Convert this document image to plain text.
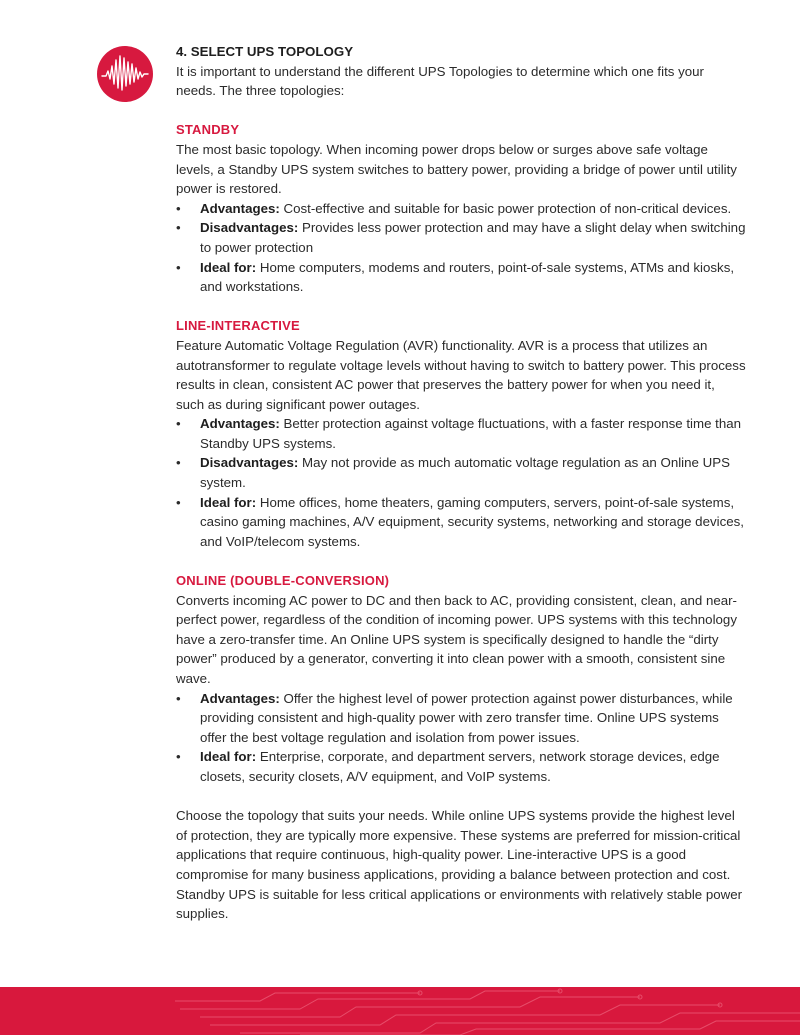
4. SELECT UPS TOPOLOGY

It is important to understand the different UPS Topologies to determine which one fits your needs. The three topologies:

STANDBY

The most basic topology. When incoming power drops below or surges above safe voltage levels, a Standby UPS system switches to battery power, providing a bridge of power until utility power is restored.

• Advantages: Cost-effective and suitable for basic power protection of non-critical devices.
• Disadvantages: Provides less power protection and may have a slight delay when switching to power protection
• Ideal for: Home computers, modems and routers, point-of-sale systems, ATMs and kiosks, and workstations.

LINE-INTERACTIVE

Feature Automatic Voltage Regulation (AVR) functionality. AVR is a process that utilizes an autotransformer to regulate voltage levels without having to switch to battery power. This process results in clean, consistent AC power that preserves the battery power for when you need it, such as during significant power outages.

• Advantages: Better protection against voltage fluctuations, with a faster response time than Standby UPS systems.
• Disadvantages: May not provide as much automatic voltage regulation as an Online UPS system.
• Ideal for: Home offices, home theaters, gaming computers, servers, point-of-sale systems, casino gaming machines, A/V equipment, security systems, networking and storage devices, and VoIP/telecom systems.

ONLINE (DOUBLE-CONVERSION)

Converts incoming AC power to DC and then back to AC, providing consistent, clean, and near-perfect power, regardless of the condition of incoming power. UPS systems with this technology have a zero-transfer time. An Online UPS system is specifically designed to handle the “dirty power” produced by a generator, converting it into clean power with a smooth, consistent sine wave.

• Advantages: Offer the highest level of power protection against power disturbances, while providing consistent and high-quality power with zero transfer time. Online UPS systems offer the best voltage regulation and isolation from power issues.
• Ideal for: Enterprise, corporate, and department servers, network storage devices, edge closets, security closets, A/V equipment, and VoIP systems.

Choose the topology that suits your needs. While online UPS systems provide the highest level of protection, they are typically more expensive. These systems are preferred for mission-critical applications that require continuous, high-quality power. Line-interactive UPS is a good compromise for many business applications, providing a balance between protection and cost. Standby UPS is suitable for less critical applications or environments with relatively stable power supplies.
